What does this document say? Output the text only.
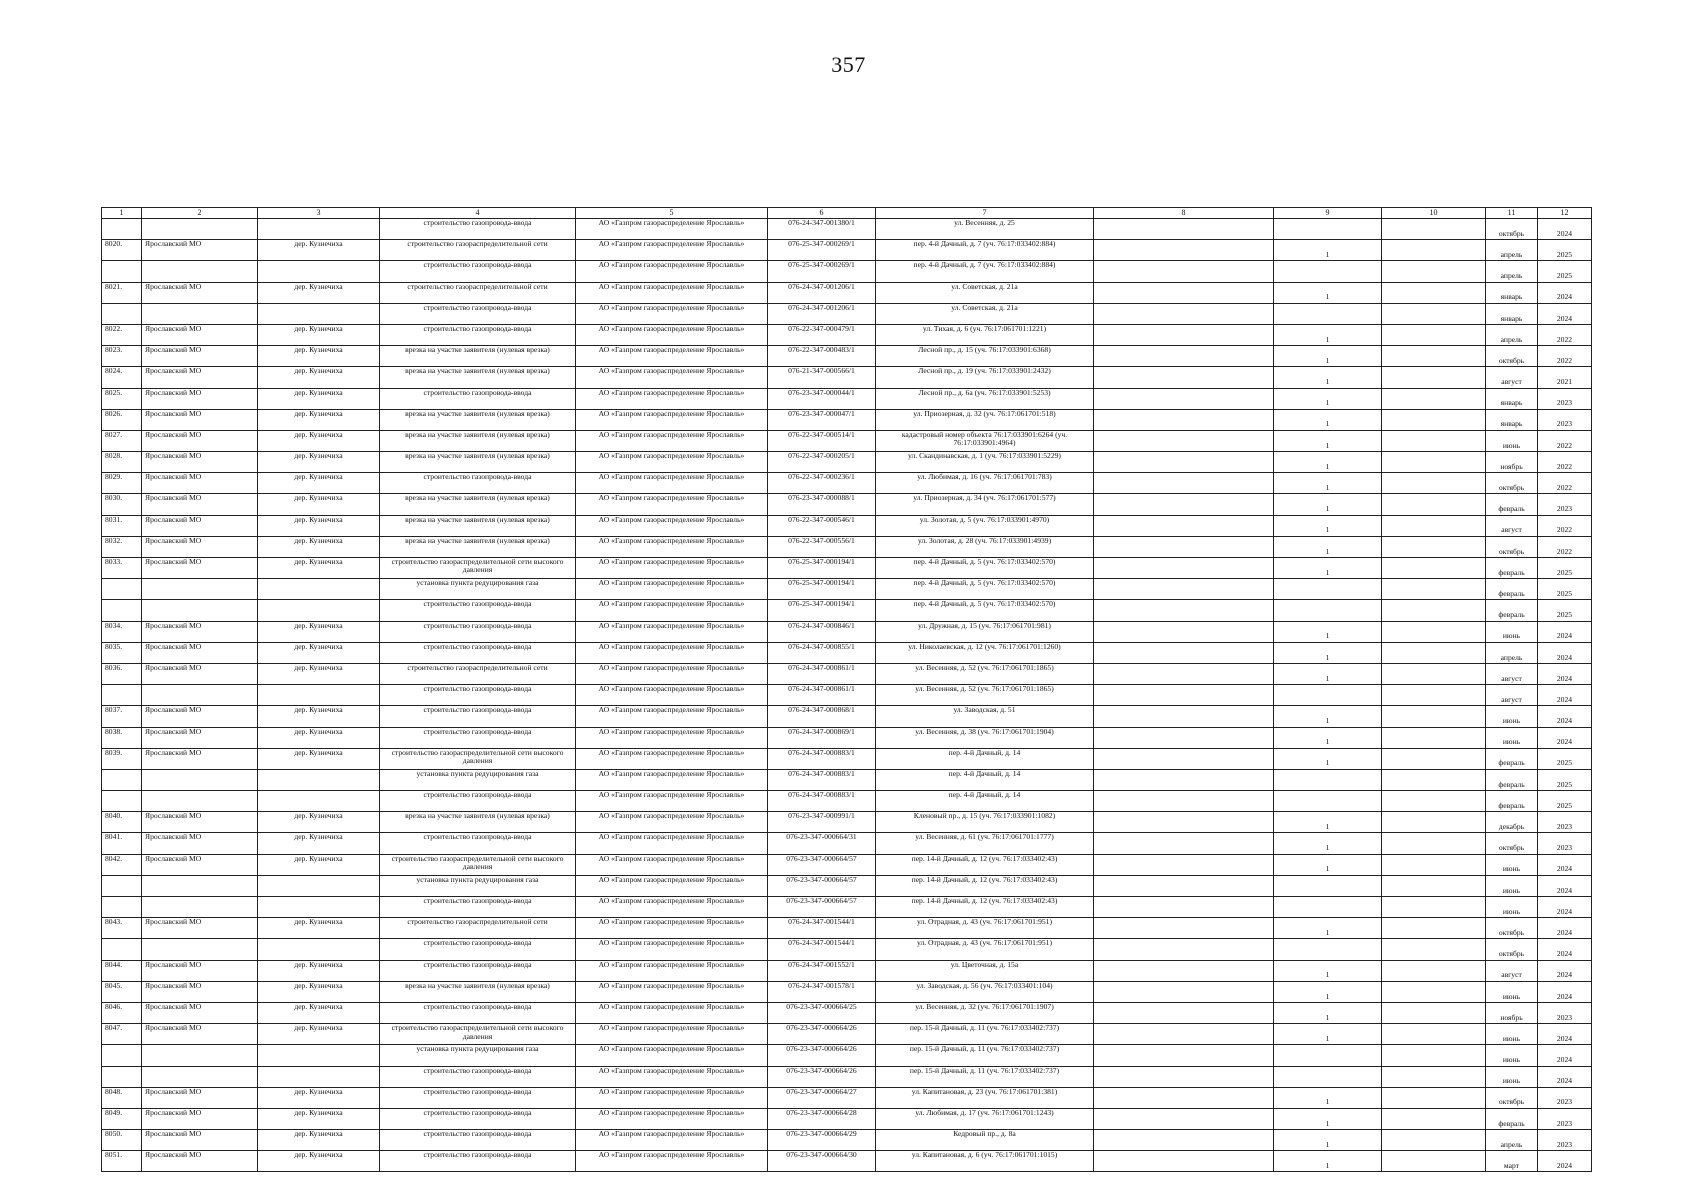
357
1	2	3	4	5	6	7	8	9	10	11	12
			строительство газопровода-ввода	АО «Газпром газораспределение Ярославль»	076-24-347-001380/1	ул. Весенняя, д. 25				октябрь	2024
8020.	Ярославский МО	дер. Кузнечиха	строительство газораспределительной сети	АО «Газпром газораспределение Ярославль»	076-25-347-000269/1	пер. 4-й Дачный, д. 7 (уч. 76:17:033402:884)		1		апрель	2025
			строительство газопровода-ввода	АО «Газпром газораспределение Ярославль»	076-25-347-000269/1	пер. 4-й Дачный, д. 7 (уч. 76:17:033402:884)				апрель	2025
8021.	Ярославский МО	дер. Кузнечиха	строительство газораспределительной сети	АО «Газпром газораспределение Ярославль»	076-24-347-001206/1	ул. Советская, д. 21а		1		январь	2024
			строительство газопровода-ввода	АО «Газпром газораспределение Ярославль»	076-24-347-001206/1	ул. Советская, д. 21а				январь	2024
8022.	Ярославский МО	дер. Кузнечиха	строительство газопровода-ввода	АО «Газпром газораспределение Ярославль»	076-22-347-000479/1	ул. Тихая, д. 6 (уч. 76:17:061701:1221)		1		апрель	2022
8023.	Ярославский МО	дер. Кузнечиха	врезка на участке заявителя (нулевая врезка)	АО «Газпром газораспределение Ярославль»	076-22-347-000483/1	Лесной пр., д. 15 (уч. 76:17:033901:6368)		1		октябрь	2022
8024.	Ярославский МО	дер. Кузнечиха	врезка на участке заявителя (нулевая врезка)	АО «Газпром газораспределение Ярославль»	076-21-347-000566/1	Лесной пр., д. 19 (уч. 76:17:033901:2432)		1		август	2021
8025.	Ярославский МО	дер. Кузнечиха	строительство газопровода-ввода	АО «Газпром газораспределение Ярославль»	076-23-347-000044/1	Лесной пр., д. 6а (уч. 76:17:033901:5253)		1		январь	2023
8026.	Ярославский МО	дер. Кузнечиха	врезка на участке заявителя (нулевая врезка)	АО «Газпром газораспределение Ярославль»	076-23-347-000047/1	ул. Приозерная, д. 32 (уч. 76:17:061701:518)		1		январь	2023
8027.	Ярославский МО	дер. Кузнечиха	врезка на участке заявителя (нулевая врезка)	АО «Газпром газораспределение Ярославль»	076-22-347-000514/1	кадастровый номер объекта 76:17:033901:6264 (уч. 76:17:033901:4964)		1		июнь	2022
8028.	Ярославский МО	дер. Кузнечиха	врезка на участке заявителя (нулевая врезка)	АО «Газпром газораспределение Ярославль»	076-22-347-000205/1	ул. Скандинавская, д. 1 (уч. 76:17:033901:5229)		1		ноябрь	2022
8029.	Ярославский МО	дер. Кузнечиха	строительство газопровода-ввода	АО «Газпром газораспределение Ярославль»	076-22-347-000236/1	ул. Любимая, д. 16 (уч. 76:17:061701:783)		1		октябрь	2022
8030.	Ярославский МО	дер. Кузнечиха	врезка на участке заявителя (нулевая врезка)	АО «Газпром газораспределение Ярославль»	076-23-347-000088/1	ул. Приозерная, д. 34 (уч. 76:17:061701:577)		1		февраль	2023
8031.	Ярославский МО	дер. Кузнечиха	врезка на участке заявителя (нулевая врезка)	АО «Газпром газораспределение Ярославль»	076-22-347-000546/1	ул. Золотая, д. 5 (уч. 76:17:033901:4970)		1		август	2022
8032.	Ярославский МО	дер. Кузнечиха	врезка на участке заявителя (нулевая врезка)	АО «Газпром газораспределение Ярославль»	076-22-347-000556/1	ул. Золотая, д. 28 (уч. 76:17:033901:4939)		1		октябрь	2022
8033.	Ярославский МО	дер. Кузнечиха	строительство газораспределительной сети высокого давления	АО «Газпром газораспределение Ярославль»	076-25-347-000194/1	пер. 4-й Дачный, д. 5 (уч. 76:17:033402:570)		1		февраль	2025
			установка пункта редуцирования газа	АО «Газпром газораспределение Ярославль»	076-25-347-000194/1	пер. 4-й Дачный, д. 5 (уч. 76:17:033402:570)				февраль	2025
			строительство газопровода-ввода	АО «Газпром газораспределение Ярославль»	076-25-347-000194/1	пер. 4-й Дачный, д. 5 (уч. 76:17:033402:570)				февраль	2025
8034.	Ярославский МО	дер. Кузнечиха	строительство газопровода-ввода	АО «Газпром газораспределение Ярославль»	076-24-347-000846/1	ул. Дружная, д. 15 (уч. 76:17:061701:981)		1		июнь	2024
8035.	Ярославский МО	дер. Кузнечиха	строительство газопровода-ввода	АО «Газпром газораспределение Ярославль»	076-24-347-000855/1	ул. Николаевская, д. 12 (уч. 76:17:061701:1260)		1		апрель	2024
8036.	Ярославский МО	дер. Кузнечиха	строительство газораспределительной сети	АО «Газпром газораспределение Ярославль»	076-24-347-000861/1	ул. Весенняя, д. 52 (уч. 76:17:061701:1865)		1		август	2024
			строительство газопровода-ввода	АО «Газпром газораспределение Ярославль»	076-24-347-000861/1	ул. Весенняя, д. 52 (уч. 76:17:061701:1865)				август	2024
8037.	Ярославский МО	дер. Кузнечиха	строительство газопровода-ввода	АО «Газпром газораспределение Ярославль»	076-24-347-000868/1	ул. Заводская, д. 51		1		июнь	2024
8038.	Ярославский МО	дер. Кузнечиха	строительство газопровода-ввода	АО «Газпром газораспределение Ярославль»	076-24-347-000869/1	ул. Весенняя, д. 38 (уч. 76:17:061701:1904)		1		июнь	2024
8039.	Ярославский МО	дер. Кузнечиха	строительство газораспределительной сети высокого давления	АО «Газпром газораспределение Ярославль»	076-24-347-000883/1	пер. 4-й Дачный, д. 14		1		февраль	2025
			установка пункта редуцирования газа	АО «Газпром газораспределение Ярославль»	076-24-347-000883/1	пер. 4-й Дачный, д. 14				февраль	2025
			строительство газопровода-ввода	АО «Газпром газораспределение Ярославль»	076-24-347-000883/1	пер. 4-й Дачный, д. 14				февраль	2025
8040.	Ярославский МО	дер. Кузнечиха	врезка на участке заявителя (нулевая врезка)	АО «Газпром газораспределение Ярославль»	076-23-347-000991/1	Кленовый пр., д. 15 (уч. 76:17:033901:1082)		1		декабрь	2023
8041.	Ярославский МО	дер. Кузнечиха	строительство газопровода-ввода	АО «Газпром газораспределение Ярославль»	076-23-347-000664/31	ул. Весенняя, д. 61 (уч. 76:17:061701:1777)		1		октябрь	2023
8042.	Ярославский МО	дер. Кузнечиха	строительство газораспределительной сети высокого давления	АО «Газпром газораспределение Ярославль»	076-23-347-000664/57	пер. 14-й Дачный, д. 12 (уч. 76:17:033402:43)		1		июнь	2024
			установка пункта редуцирования газа	АО «Газпром газораспределение Ярославль»	076-23-347-000664/57	пер. 14-й Дачный, д. 12 (уч. 76:17:033402:43)				июнь	2024
			строительство газопровода-ввода	АО «Газпром газораспределение Ярославль»	076-23-347-000664/57	пер. 14-й Дачный, д. 12 (уч. 76:17:033402:43)				июнь	2024
8043.	Ярославский МО	дер. Кузнечиха	строительство газораспределительной сети	АО «Газпром газораспределение Ярославль»	076-24-347-001544/1	ул. Отрадная, д. 43 (уч. 76:17:061701:951)		1		октябрь	2024
			строительство газопровода-ввода	АО «Газпром газораспределение Ярославль»	076-24-347-001544/1	ул. Отрадная, д. 43 (уч. 76:17:061701:951)				октябрь	2024
8044.	Ярославский МО	дер. Кузнечиха	строительство газопровода-ввода	АО «Газпром газораспределение Ярославль»	076-24-347-001552/1	ул. Цветочная, д. 15а		1		август	2024
8045.	Ярославский МО	дер. Кузнечиха	врезка на участке заявителя (нулевая врезка)	АО «Газпром газораспределение Ярославль»	076-24-347-001578/1	ул. Заводская, д. 56 (уч. 76:17:033401:104)		1		июнь	2024
8046.	Ярославский МО	дер. Кузнечиха	строительство газопровода-ввода	АО «Газпром газораспределение Ярославль»	076-23-347-000664/25	ул. Весенняя, д. 32 (уч. 76:17:061701:1907)		1		ноябрь	2023
8047.	Ярославский МО	дер. Кузнечиха	строительство газораспределительной сети высокого давления	АО «Газпром газораспределение Ярославль»	076-23-347-000664/26	пер. 15-й Дачный, д. 11 (уч. 76:17:033402:737)		1		июнь	2024
			установка пункта редуцирования газа	АО «Газпром газораспределение Ярославль»	076-23-347-000664/26	пер. 15-й Дачный, д. 11 (уч. 76:17:033402:737)				июнь	2024
			строительство газопровода-ввода	АО «Газпром газораспределение Ярославль»	076-23-347-000664/26	пер. 15-й Дачный, д. 11 (уч. 76:17:033402:737)				июнь	2024
8048.	Ярославский МО	дер. Кузнечиха	строительство газопровода-ввода	АО «Газпром газораспределение Ярославль»	076-23-347-000664/27	ул. Капитановая, д. 23 (уч. 76:17:061701:381)		1		октябрь	2023
8049.	Ярославский МО	дер. Кузнечиха	строительство газопровода-ввода	АО «Газпром газораспределение Ярославль»	076-23-347-000664/28	ул. Любимая, д. 17 (уч. 76:17:061701:1243)		1		февраль	2023
8050.	Ярославский МО	дер. Кузнечиха	строительство газопровода-ввода	АО «Газпром газораспределение Ярославль»	076-23-347-000664/29	Кедровый пр., д. 8а		1		апрель	2023
8051.	Ярославский МО	дер. Кузнечиха	строительство газопровода-ввода	АО «Газпром газораспределение Ярославль»	076-23-347-000664/30	ул. Капитановая, д. 6 (уч. 76:17:061701:1015)		1		март	2024
